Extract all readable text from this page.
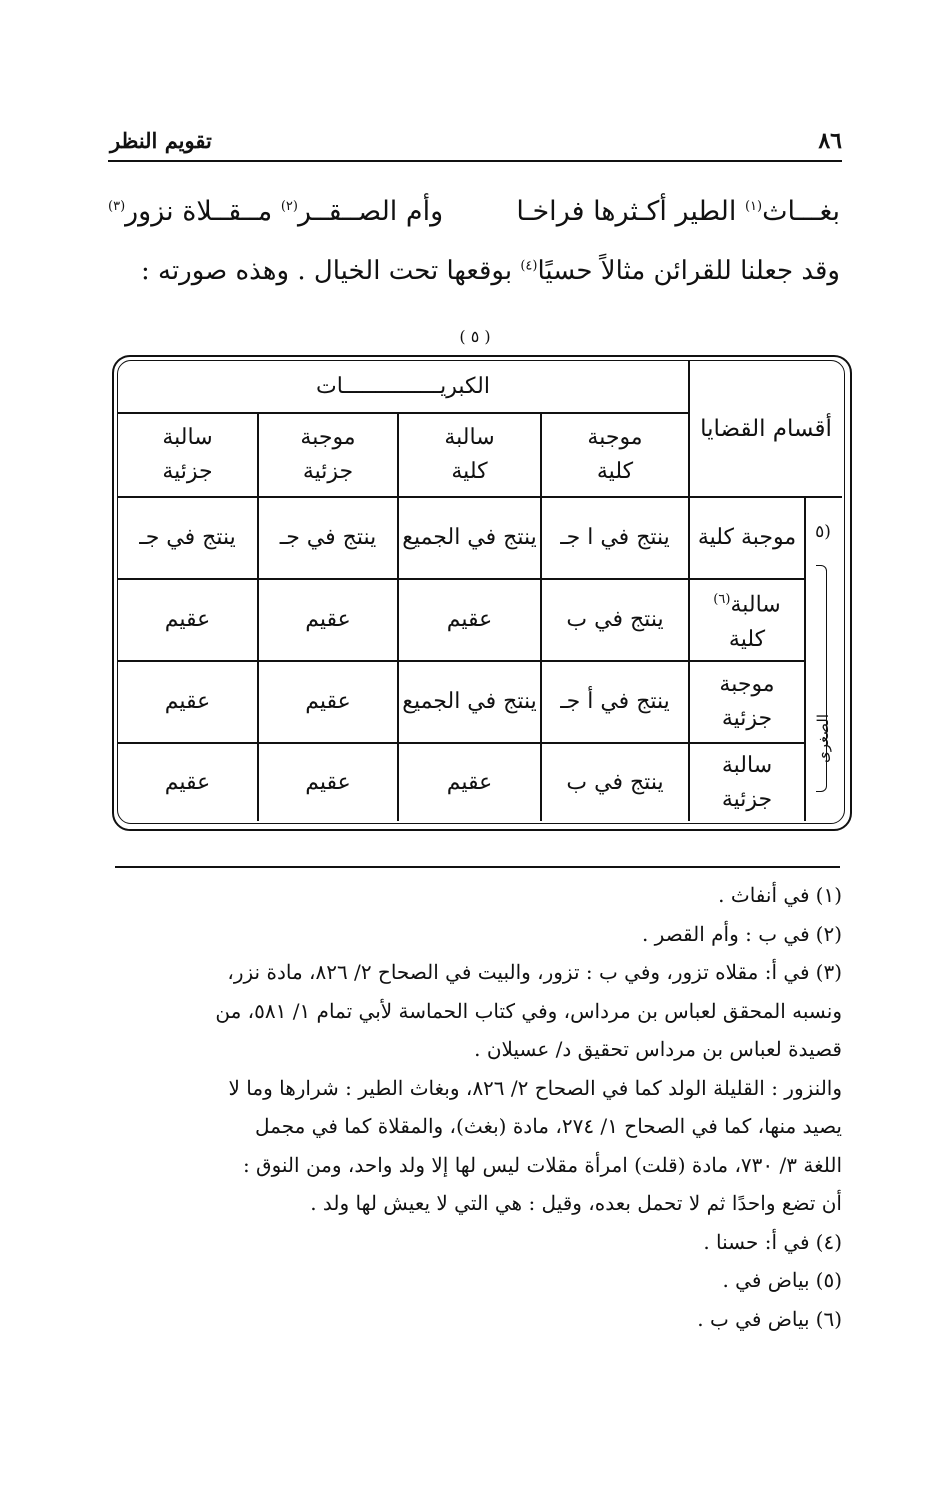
تقويم النظر	٨٦
بغـــاث$^{(١)}$ الطير أكـثرها فراخـا
وأم الصــقــر$^{(٢)}$ مــقــلاة نزور$^{(٣)}$
وقد جعلنا للقرائن مثالاً حسيًا$^{(٤)}$ بوقعها تحت الخيال . وهذه صورته :
( ٥ )
الكبريـــــــــــــــات
أقسام القضايا
موجبة
كلية
سالبة
كلية
موجبة
جزئية
سالبة
جزئية
(٥
الصغرى
موجبة كلية
ينتج في ا جـ
ينتج في الجميع
ينتج في جـ
ينتج في جـ
سالبة$^{(٦)}$
كلية
ينتج في ب
عقيم
عقيم
عقيم
موجبة
جزئية
ينتج في أ جـ
ينتج في الجميع
عقيم
عقيم
سالبة
جزئية
ينتج في ب
عقيم
عقيم
عقيم
(١)في أنفاث .
(٢)في ب : وأم القصر .
(٣)في أ: مقلاه تزور، وفي ب : تزور، والبيت في الصحاح ٢/ ٨٢٦، مادة نزر،
ونسبه المحقق لعباس بن مرداس، وفي كتاب الحماسة لأبي تمام ١/ ٥٨١، من
قصيدة لعباس بن مرداس تحقيق د/ عسيلان .
والنزور : القليلة الولد كما في الصحاح ٢/ ٨٢٦، وبغاث الطير : شرارها وما لا
يصيد منها، كما في الصحاح ١/ ٢٧٤، مادة (بغث)، والمقلاة كما في مجمل
اللغة ٣/ ٧٣٠، مادة (قلت) امرأة مقلات ليس لها إلا ولد واحد، ومن النوق :
أن تضع واحدًا ثم لا تحمل بعده، وقيل : هي التي لا يعيش لها ولد .
(٤)في أ: حسنا .
(٥)بياض في .
(٦)بياض في ب .
